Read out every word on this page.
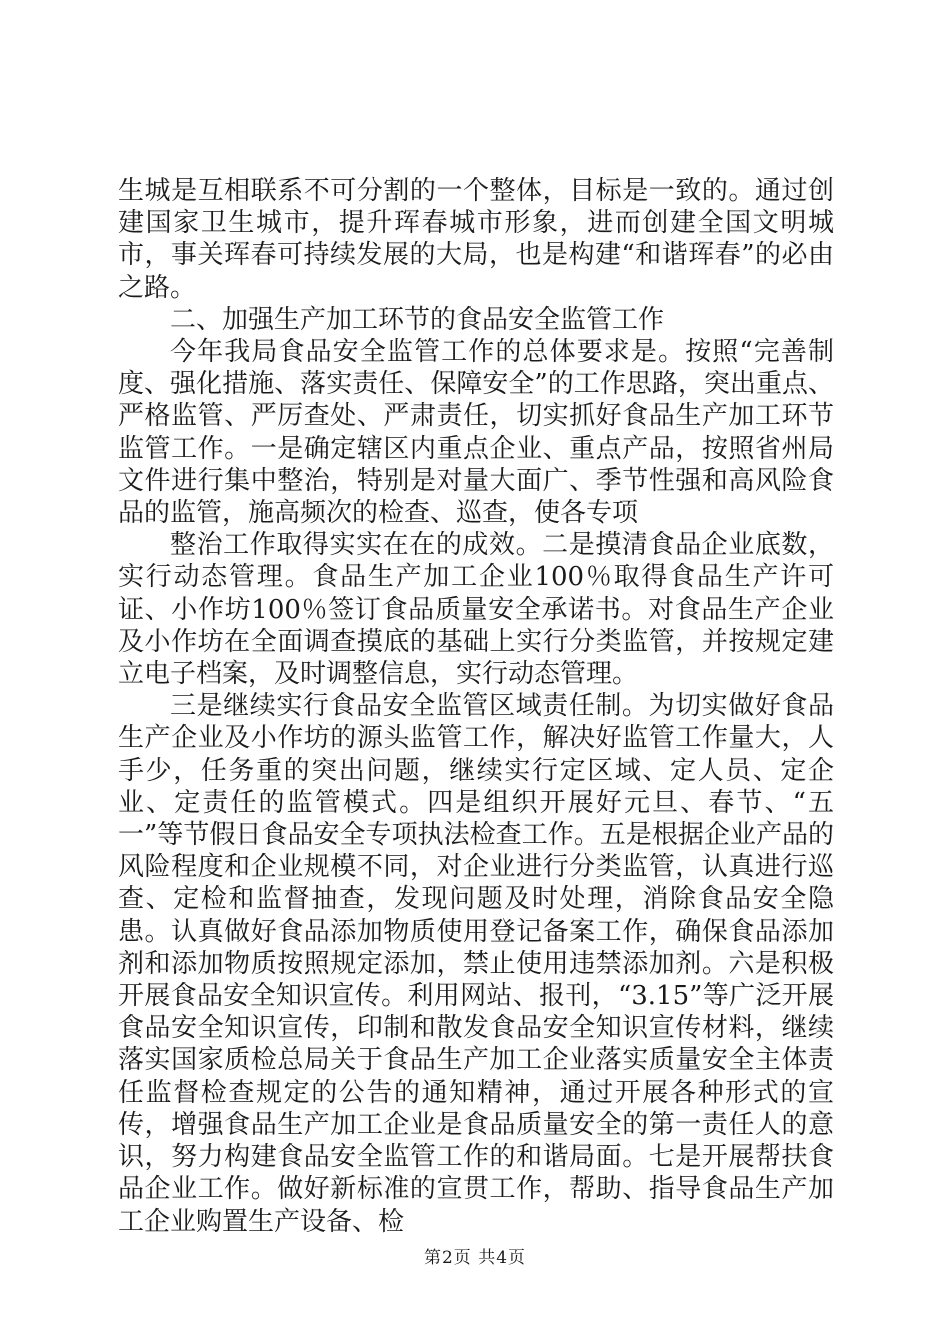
生城是互相联系不可分割的一个整体，目标是一致的。通过创建国家卫生城市，提升珲春城市形象，进而创建全国文明城市，事关珲春可持续发展的大局，也是构建“和谐珲春”的必由之路。

二、加强生产加工环节的食品安全监管工作

今年我局食品安全监管工作的总体要求是。按照“完善制度、强化措施、落实责任、保障安全”的工作思路，突出重点、严格监管、严厉查处、严肃责任，切实抓好食品生产加工环节监管工作。一是确定辖区内重点企业、重点产品，按照省州局文件进行集中整治，特别是对量大面广、季节性强和高风险食品的监管，施高频次的检查、巡查，使各专项

整治工作取得实实在在的成效。二是摸清食品企业底数，实行动态管理。食品生产加工企业100％取得食品生产许可证、小作坊100％签订食品质量安全承诺书。对食品生产企业及小作坊在全面调查摸底的基础上实行分类监管，并按规定建立电子档案，及时调整信息，实行动态管理。

三是继续实行食品安全监管区域责任制。为切实做好食品生产企业及小作坊的源头监管工作，解决好监管工作量大，人手少，任务重的突出问题，继续实行定区域、定人员、定企业、定责任的监管模式。四是组织开展好元旦、春节、“五一”等节假日食品安全专项执法检查工作。五是根据企业产品的风险程度和企业规模不同，对企业进行分类监管，认真进行巡查、定检和监督抽查，发现问题及时处理，消除食品安全隐患。认真做好食品添加物质使用登记备案工作，确保食品添加剂和添加物质按照规定添加，禁止使用违禁添加剂。六是积极开展食品安全知识宣传。利用网站、报刊，“3.15”等广泛开展食品安全知识宣传，印制和散发食品安全知识宣传材料，继续落实国家质检总局关于食品生产加工企业落实质量安全主体责任监督检查规定的公告的通知精神，通过开展各种形式的宣传，增强食品生产加工企业是食品质量安全的第一责任人的意识，努力构建食品安全监管工作的和谐局面。七是开展帮扶食品企业工作。做好新标准的宣贯工作，帮助、指导食品生产加工企业购置生产设备、检

第2页 共4页
